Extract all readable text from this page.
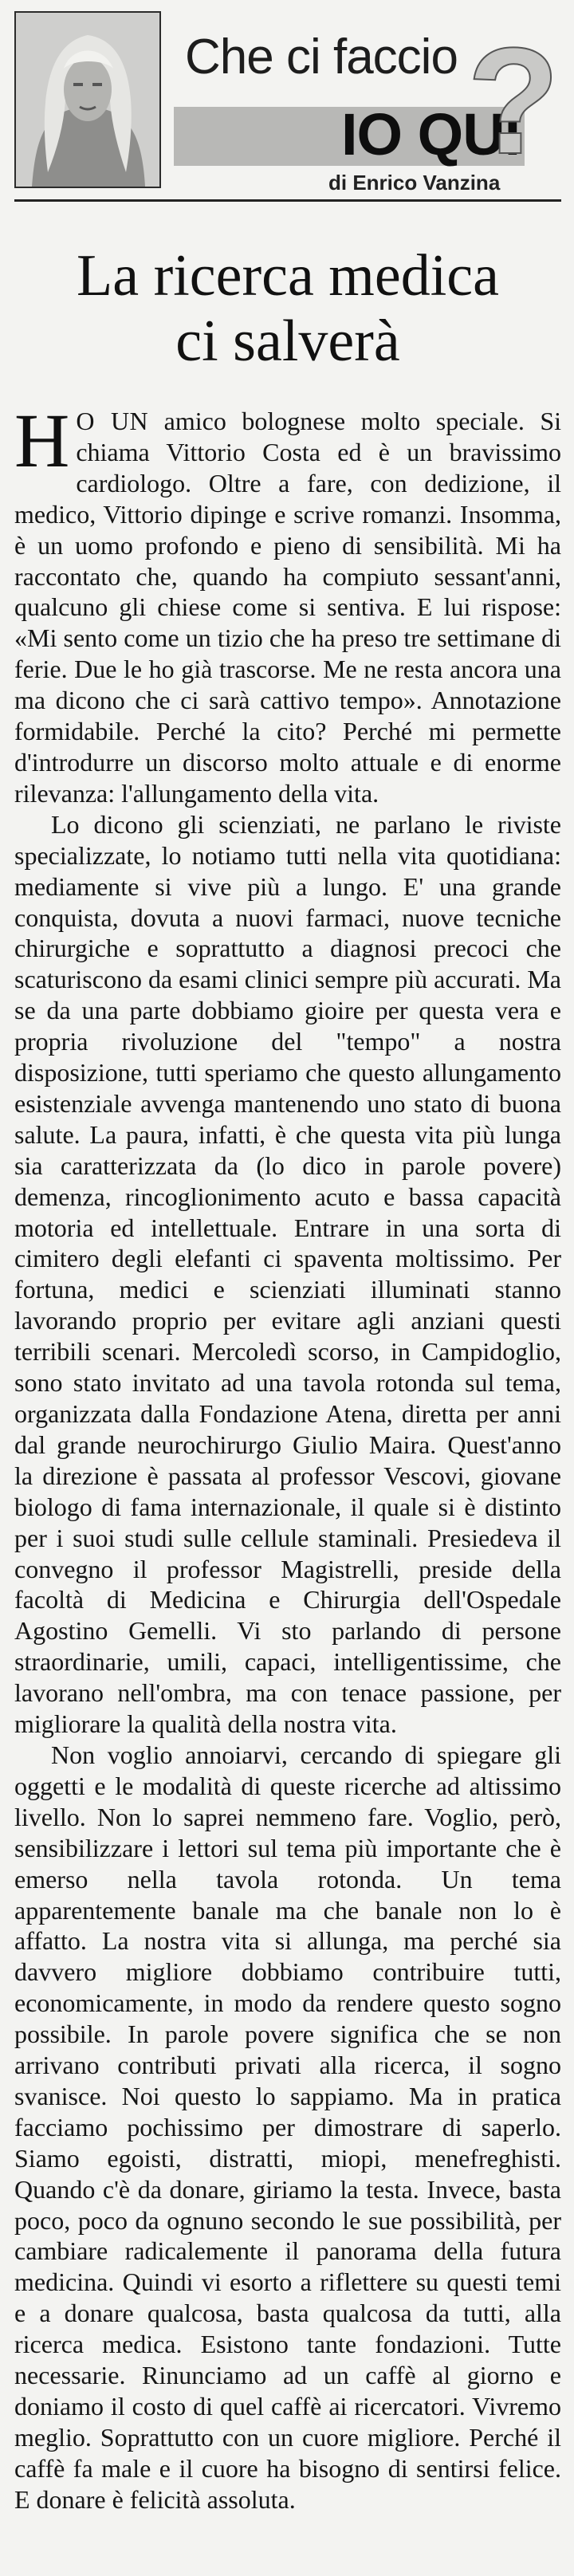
Che ci faccio
IO QUI
?
di Enrico Vanzina
La ricerca medica
ci salverà

H O UN amico bolognese molto speciale. Si chiama Vittorio Costa ed è un bravissimo cardiologo. Oltre a fare, con dedizione, il medico, Vittorio dipinge e scrive romanzi. Insomma, è un uomo profondo e pieno di sensibilità. Mi ha raccontato che, quando ha compiuto sessant'anni, qualcuno gli chiese come si sentiva. E lui rispose: «Mi sento come un tizio che ha preso tre settimane di ferie. Due le ho già trascorse. Me ne resta ancora una ma dicono che ci sarà cattivo tempo». Annotazione formidabile. Perché la cito? Perché mi permette d'introdurre un discorso molto attuale e di enorme rilevanza: l'allungamento della vita.

Lo dicono gli scienziati, ne parlano le riviste specializzate, lo notiamo tutti nella vita quotidiana: mediamente si vive più a lungo. E' una grande conquista, dovuta a nuovi farmaci, nuove tecniche chirurgiche e soprattutto a diagnosi precoci che scaturiscono da esami clinici sempre più accurati. Ma se da una parte dobbiamo gioire per questa vera e propria rivoluzione del "tempo" a nostra disposizione, tutti speriamo che questo allungamento esistenziale avvenga mantenendo uno stato di buona salute. La paura, infatti, è che questa vita più lunga sia caratterizzata da (lo dico in parole povere) demenza, rincoglionimento acuto e bassa capacità motoria ed intellettuale. Entrare in una sorta di cimitero degli elefanti ci spaventa moltissimo. Per fortuna, medici e scienziati illuminati stanno lavorando proprio per evitare agli anziani questi terribili scenari. Mercoledì scorso, in Campidoglio, sono stato invitato ad una tavola rotonda sul tema, organizzata dalla Fondazione Atena, diretta per anni dal grande neurochirurgo Giulio Maira. Quest'anno la direzione è passata al professor Vescovi, giovane biologo di fama internazionale, il quale si è distinto per i suoi studi sulle cellule staminali. Presiedeva il convegno il professor Magistrelli, preside della facoltà di Medicina e Chirurgia dell'Ospedale Agostino Gemelli. Vi sto parlando di persone straordinarie, umili, capaci, intelligentissime, che lavorano nell'ombra, ma con tenace passione, per migliorare la qualità della nostra vita.

Non voglio annoiarvi, cercando di spiegare gli oggetti e le modalità di queste ricerche ad altissimo livello. Non lo saprei nemmeno fare. Voglio, però, sensibilizzare i lettori sul tema più importante che è emerso nella tavola rotonda. Un tema apparentemente banale ma che banale non lo è affatto. La nostra vita si allunga, ma perché sia davvero migliore dobbiamo contribuire tutti, economicamente, in modo da rendere questo sogno possibile. In parole povere significa che se non arrivano contributi privati alla ricerca, il sogno svanisce. Noi questo lo sappiamo. Ma in pratica facciamo pochissimo per dimostrare di saperlo. Siamo egoisti, distratti, miopi, menefreghisti. Quando c'è da donare, giriamo la testa. Invece, basta poco, poco da ognuno secondo le sue possibilità, per cambiare radicalemente il panorama della futura medicina. Quindi vi esorto a riflettere su questi temi e a donare qualcosa, basta qualcosa da tutti, alla ricerca medica. Esistono tante fondazioni. Tutte necessarie. Rinunciamo ad un caffè al giorno e doniamo il costo di quel caffè ai ricercatori. Vivremo meglio. Soprattutto con un cuore migliore. Perché il caffè fa male e il cuore ha bisogno di sentirsi felice. E donare è felicità assoluta.
